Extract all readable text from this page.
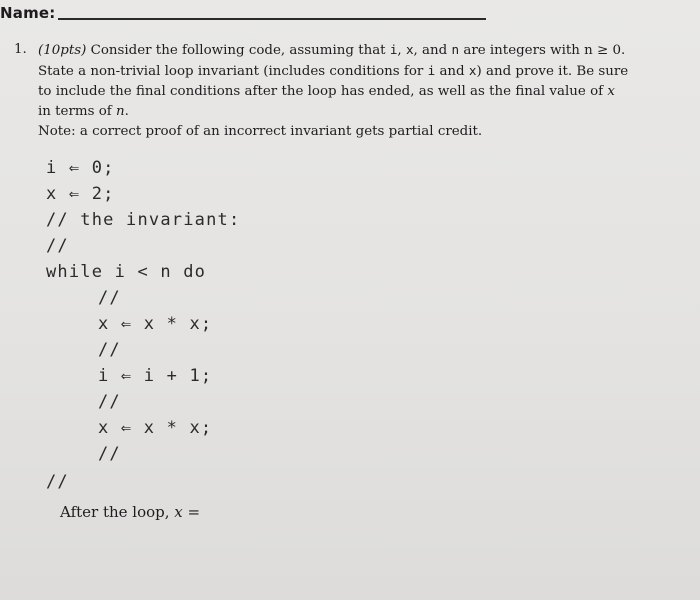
Name:
1. (10pts) Consider the following code, assuming that i, x, and n are integers with n ≥ 0.
State a non-trivial loop invariant (includes conditions for i and x) and prove it. Be sure
to include the final conditions after the loop has ended, as well as the final value of x
in terms of n.
Note: a correct proof of an incorrect invariant gets partial credit.

i ⇐ 0;

x ⇐ 2;

// the invariant:

//

while i < n do

//

x ⇐ x * x;

//

i ⇐ i + 1;

//

x ⇐ x * x;

//

//

After the loop, x =
